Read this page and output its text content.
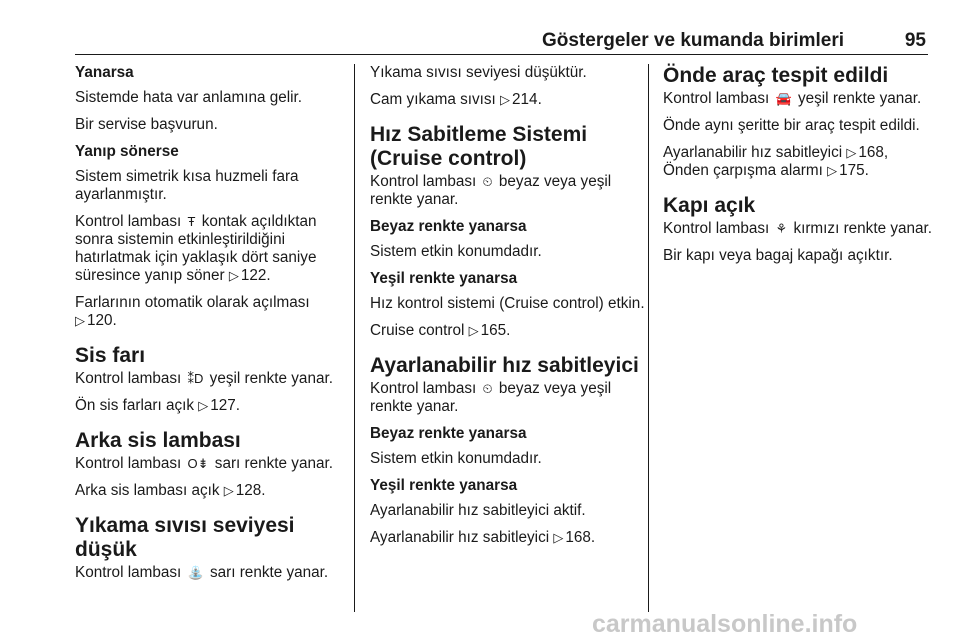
Göstergeler ve kumanda birimleri	95
Yanarsa

Sistemde hata var anlamına gelir.

Bir servise başvurun.

Yanıp sönerse

Sistem simetrik kısa huzmeli fara ayarlanmıştır.

Kontrol lambası Ŧ kontak açıldıktan sonra sistemin etkinleştirildiğini hatırlatmak için yaklaşık dört saniye süresince yanıp söner ▷ 122.

Farlarının otomatik olarak açılması
▷ 120.

Sis farı

Kontrol lambası ⁑D yeşil renkte yanar.

Ön sis farları açık ▷ 127.

Arka sis lambası

Kontrol lambası O⇟ sarı renkte yanar.

Arka sis lambası açık ▷ 128.

Yıkama sıvısı seviyesi düşük

Kontrol lambası ⛲ sarı renkte yanar.

Yıkama sıvısı seviyesi düşüktür.

Cam yıkama sıvısı ▷ 214.

Hız Sabitleme Sistemi (Cruise control)

Kontrol lambası ⏲ beyaz veya yeşil renkte yanar.

Beyaz renkte yanarsa

Sistem etkin konumdadır.

Yeşil renkte yanarsa

Hız kontrol sistemi (Cruise control) etkin.

Cruise control ▷ 165.

Ayarlanabilir hız sabitleyici

Kontrol lambası ⏲ beyaz veya yeşil renkte yanar.

Beyaz renkte yanarsa

Sistem etkin konumdadır.

Yeşil renkte yanarsa

Ayarlanabilir hız sabitleyici aktif.

Ayarlanabilir hız sabitleyici ▷ 168.

Önde araç tespit edildi

Kontrol lambası 🚘 yeşil renkte yanar.

Önde aynı şeritte bir araç tespit edildi.

Ayarlanabilir hız sabitleyici ▷ 168,
Önden çarpışma alarmı ▷ 175.

Kapı açık

Kontrol lambası ⚘ kırmızı renkte yanar.

Bir kapı veya bagaj kapağı açıktır.

carmanualsonline.info
